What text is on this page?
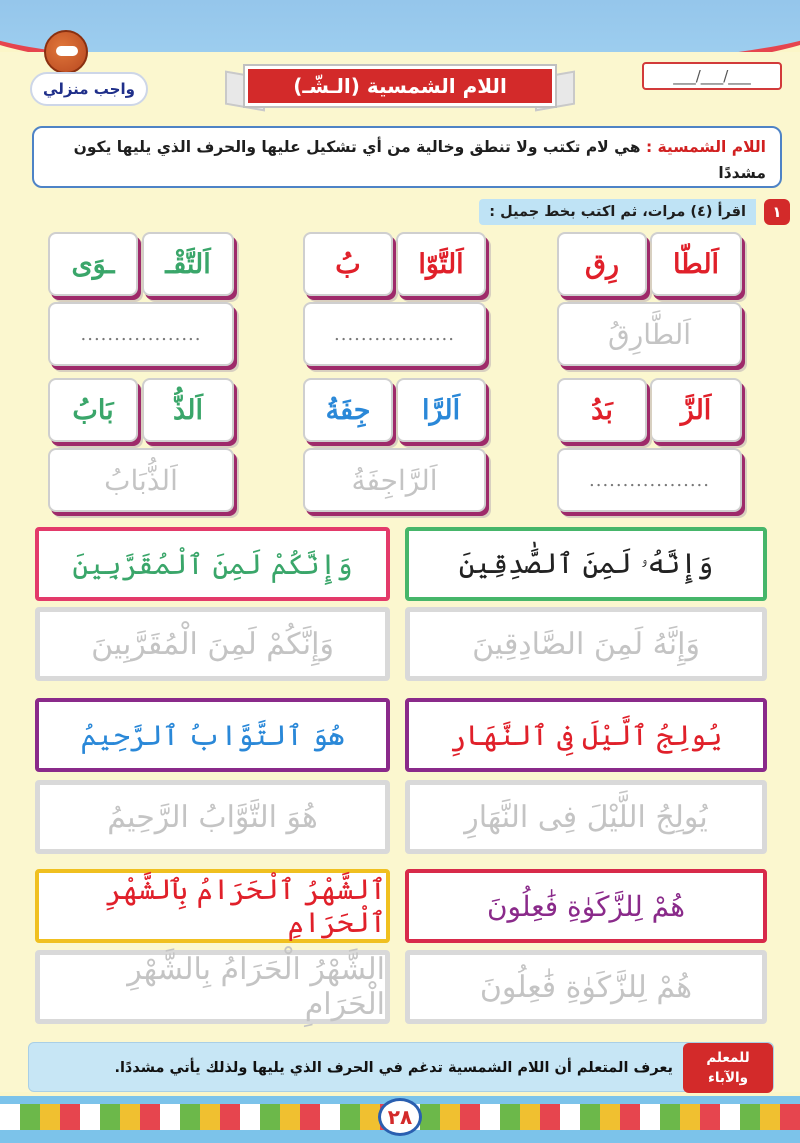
واجب منزلي	اللام الشمسية (الـشّـ)	___/___/___
اللام الشمسية : هي لام تكتب ولا تنطق وخالية من أي تشكيل عليها والحرف الذي يليها يكون مشددًا
١
اقرأ (٤) مرات، ثم اكتب بخط جميل :
اَلطّا
رِق
اَلتَّوّا
بُ
اَلتَّقْـ
ـوَى
اَلطَّارِقُ
..................
..................
اَلزَّ
بَدُ
اَلرَّا
جِفَةُ
اَلذُّ
بَابُ
..................
اَلرَّاجِفَةُ
اَلذُّبَابُ
وَإِنَّهُۥ لَمِنَ ٱلصَّٰدِقِينَ
وَإِنَّكُمْ لَمِنَ ٱلْمُقَرَّبِينَ
وَإِنَّهُ لَمِنَ الصَّادِقِينَ
وَإِنَّكُمْ لَمِنَ الْمُقَرَّبِينَ
يُولِجُ ٱلَّيْلَ فِى ٱلنَّهَارِ
هُوَ ٱلتَّوَّابُ ٱلرَّحِيمُ
يُولِجُ اللَّيْلَ فِى النَّهَارِ
هُوَ التَّوَّابُ الرَّحِيمُ
هُمْ لِلزَّكَوٰةِ فَٰعِلُونَ
ٱلشَّهْرُ ٱلْحَرَامُ بِٱلشَّهْرِ ٱلْحَرَامِ
هُمْ لِلزَّكَوٰةِ فَٰعِلُونَ
الشَّهْرُ الْحَرَامُ بِالشَّهْرِ الْحَرَامِ
للمعلم
والآباء
يعرف المتعلم أن اللام الشمسية تدغم في الحرف الذي يليها ولذلك يأتي مشددًا.
٢٨
